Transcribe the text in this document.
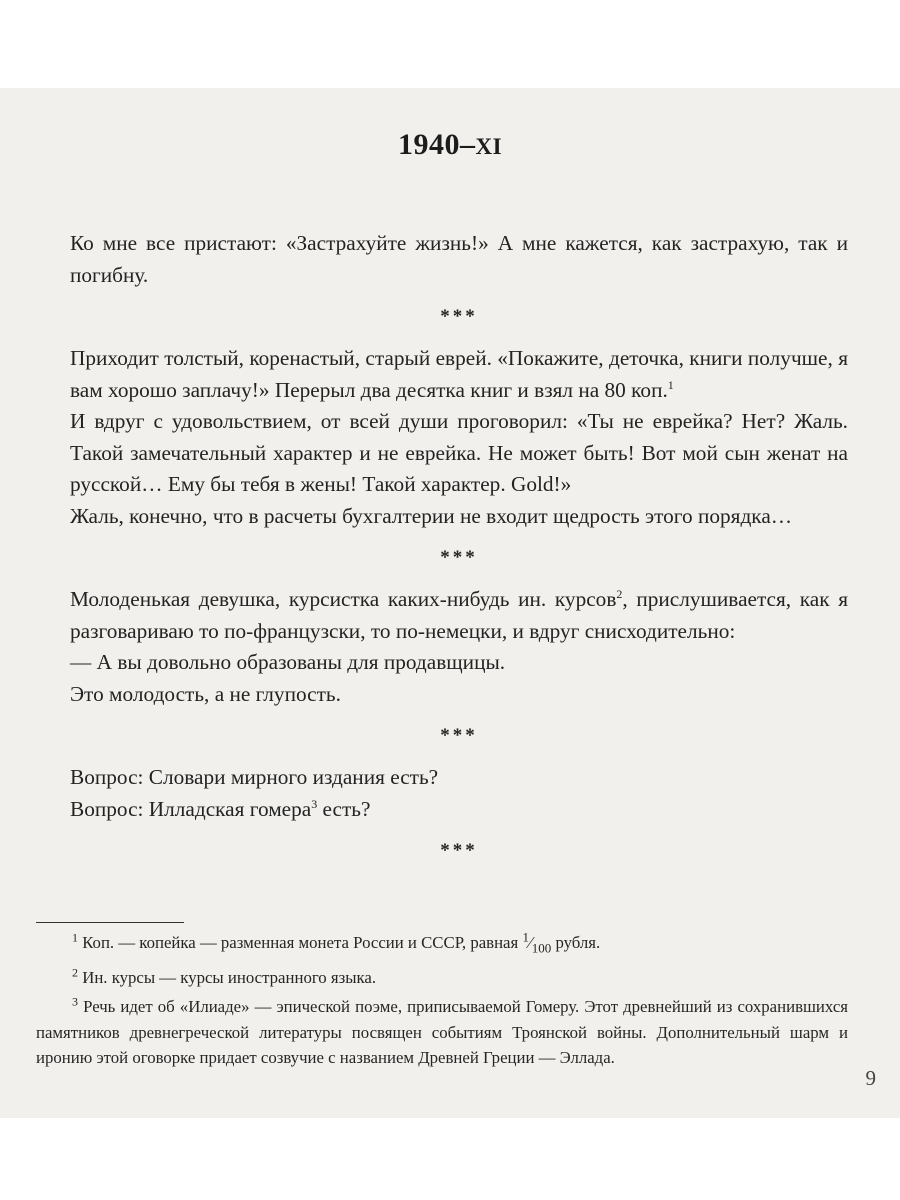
1940–XI

Ко мне все пристают: «Застрахуйте жизнь!» А мне кажется, как застрахую, так и погибну.

***

Приходит толстый, коренастый, старый еврей. «Покажите, деточка, книги получше, я вам хорошо заплачу!» Перерыл два десятка книг и взял на 80 коп.$^1$

И вдруг с удовольствием, от всей души проговорил: «Ты не еврейка? Нет? Жаль. Такой замечательный характер и не еврейка. Не может быть! Вот мой сын женат на русской… Ему бы тебя в жены! Такой характер. Gold!»

Жаль, конечно, что в расчеты бухгалтерии не входит щедрость этого порядка…

***

Молоденькая девушка, курсистка каких-нибудь ин. курсов$^2$, прислушивается, как я разговариваю то по-французски, то по-немецки, и вдруг снисходительно:

— А вы довольно образованы для продавщицы.

Это молодость, а не глупость.

***

Вопрос: Словари мирного издания есть?

Вопрос: Илладская гомера$^3$ есть?

***

$^1$ Коп. — копейка — разменная монета России и СССР, равная $^1⁄_{100}$ рубля.

$^2$ Ин. курсы — курсы иностранного языка.

$^3$ Речь идет об «Илиаде» — эпической поэме, приписываемой Гомеру. Этот древнейший из сохранившихся памятников древнегреческой литературы посвящен событиям Троянской войны. Дополнительный шарм и иронию этой оговорке придает созвучие с названием Древней Греции — Эллада.

9
